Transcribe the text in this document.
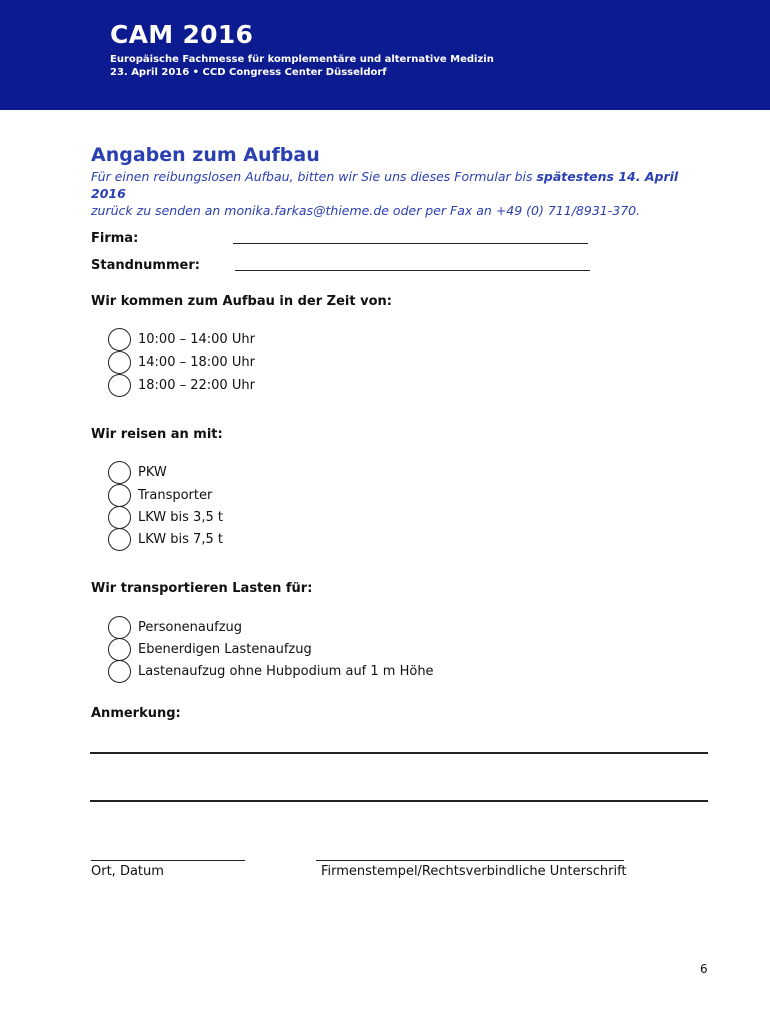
CAM 2016
Europäische Fachmesse für komplementäre und alternative Medizin
23. April 2016 • CCD Congress Center Düsseldorf
Angaben zum Aufbau
Für einen reibungslosen Aufbau, bitten wir Sie uns dieses Formular bis spätestens 14. April 2016
zurück zu senden an monika.farkas@thieme.de oder per Fax an +49 (0) 711/8931-370.
Firma:
Standnummer:
Wir kommen zum Aufbau in der Zeit von:
10:00 – 14:00 Uhr
14:00 – 18:00 Uhr
18:00 – 22:00 Uhr
Wir reisen an mit:
PKW
Transporter
LKW bis 3,5 t
LKW bis 7,5 t
Wir transportieren Lasten für:
Personenaufzug
Ebenerdigen Lastenaufzug
Lastenaufzug ohne Hubpodium auf 1 m Höhe
Anmerkung:
Ort, Datum	Firmenstempel/Rechtsverbindliche Unterschrift
6
